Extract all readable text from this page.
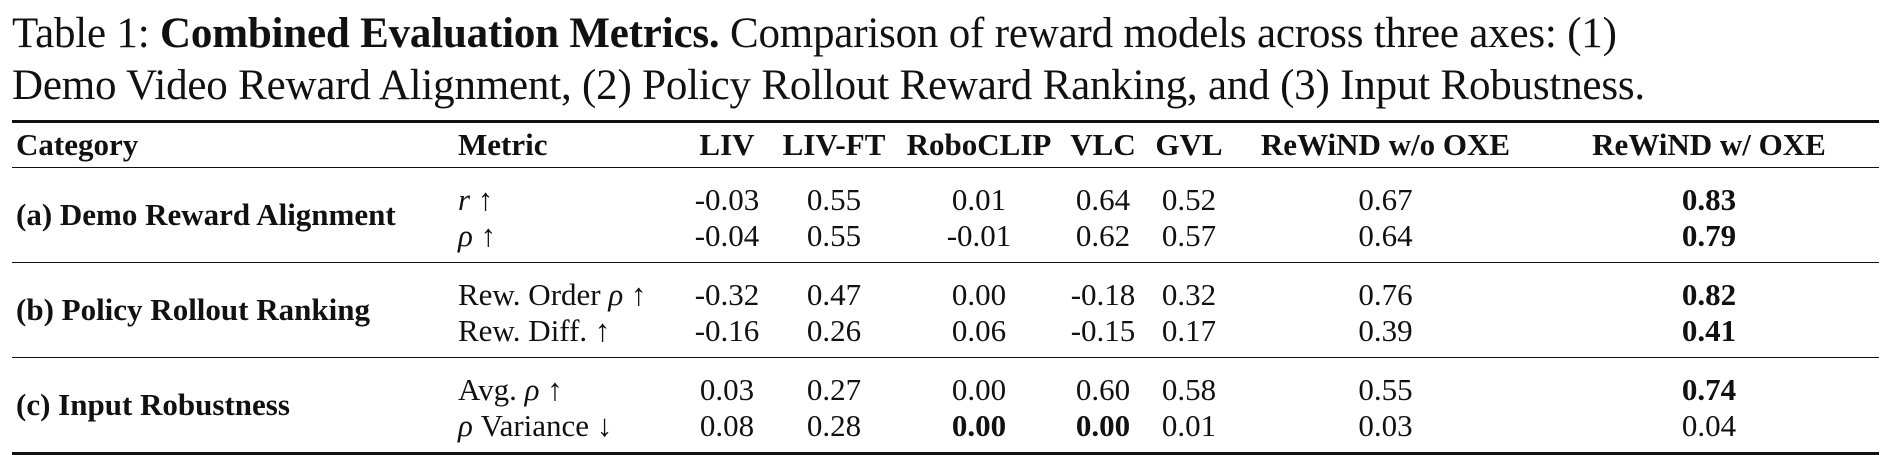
Table 1: Combined Evaluation Metrics. Comparison of reward models across three axes: (1)
Demo Video Reward Alignment, (2) Policy Rollout Reward Ranking, and (3) Input Robustness.

Category	Metric	LIV	LIV-FT	RoboCLIP	VLC	GVL	ReWiND w/o OXE	ReWiND w/ OXE
(a) Demo Reward Alignment	r ↑	-0.03	0.55	0.01	0.64	0.52	0.67	0.83
	ρ ↑	-0.04	0.55	-0.01	0.62	0.57	0.64	0.79
(b) Policy Rollout Ranking	Rew. Order ρ ↑	-0.32	0.47	0.00	-0.18	0.32	0.76	0.82
	Rew. Diff. ↑	-0.16	0.26	0.06	-0.15	0.17	0.39	0.41
(c) Input Robustness	Avg. ρ ↑	0.03	0.27	0.00	0.60	0.58	0.55	0.74
	ρ Variance ↓	0.08	0.28	0.00	0.00	0.01	0.03	0.04
